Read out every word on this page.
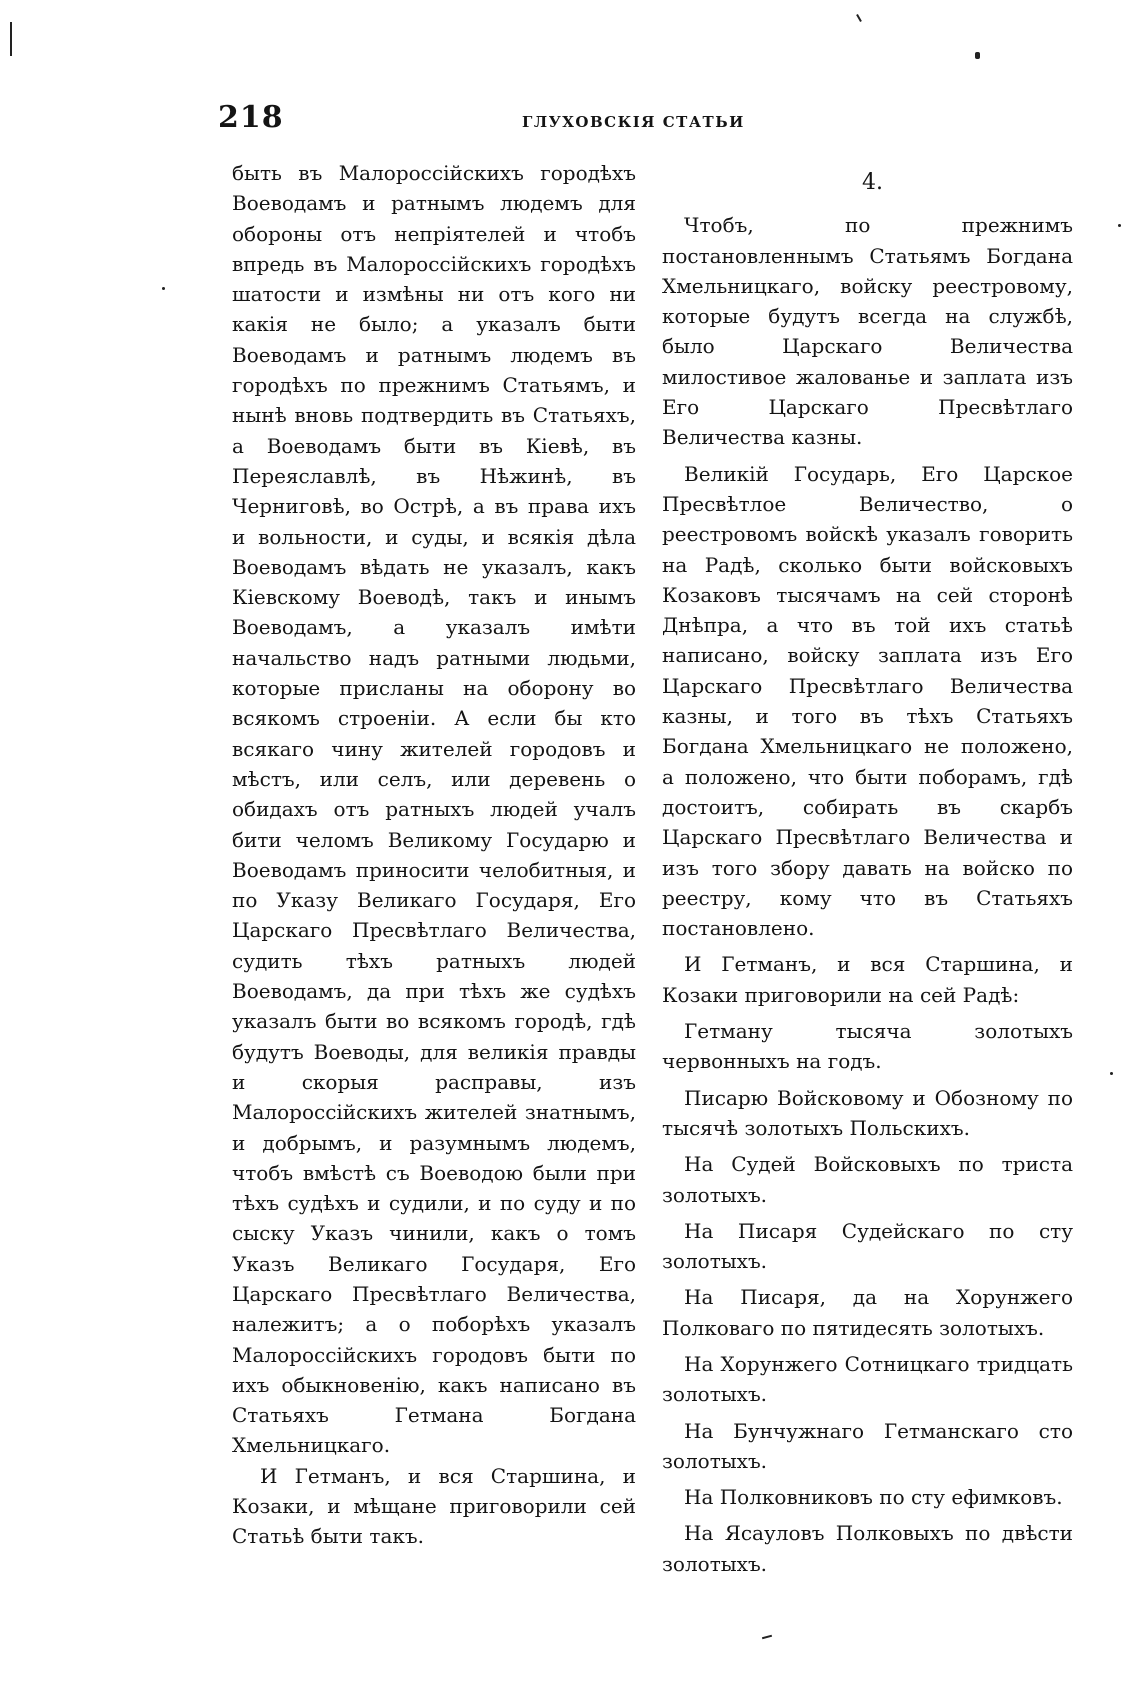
218	ГЛУХОВСКІЯ СТАТЬИ

быть въ Малороссійскихъ городѣхъ Воеводамъ и ратнымъ людемъ для обороны отъ непріятелей и чтобъ впредь въ Малороссійскихъ городѣхъ шатости и измѣны ни отъ кого ни какія не было; а указалъ быти Воеводамъ и ратнымъ людемъ въ городѣхъ по прежнимъ Статьямъ, и нынѣ вновь подтвердить въ Статьяхъ, а Воеводамъ быти въ Кіевѣ, въ Переяславлѣ, въ Нѣжинѣ, въ Черниговѣ, во Острѣ, а въ права ихъ и вольности, и суды, и всякія дѣла Воеводамъ вѣдать не указалъ, какъ Кіевскому Воеводѣ, такъ и инымъ Воеводамъ, а указалъ имѣти начальство надъ ратными людьми, которые присланы на оборону во всякомъ строеніи. А если бы кто всякаго чину жителей городовъ и мѣстъ, или селъ, или деревень о обидахъ отъ ратныхъ людей учалъ бити челомъ Великому Государю и Воеводамъ приносити челобитныя, и по Указу Великаго Государя, Его Царскаго Пресвѣтлаго Величества, судить тѣхъ ратныхъ людей Воеводамъ, да при тѣхъ же судѣхъ указалъ быти во всякомъ городѣ, гдѣ будутъ Воеводы, для великія правды и скорыя расправы, изъ Малороссійскихъ жителей знатнымъ, и добрымъ, и разумнымъ людемъ, чтобъ вмѣстѣ съ Воеводою были при тѣхъ судѣхъ и судили, и по суду и по сыску Указъ чинили, какъ о томъ Указъ Великаго Государя, Его Царскаго Пресвѣтлаго Величества, належитъ; а о поборѣхъ указалъ Малороссійскихъ городовъ быти по ихъ обыкновенію, какъ написано въ Статьяхъ Гетмана Богдана Хмельницкаго.

И Гетманъ, и вся Старшина, и Козаки, и мѣщане приговорили сей Статьѣ быти такъ.

4.

Чтобъ, по прежнимъ постановленнымъ Статьямъ Богдана Хмельницкаго, войску реестровому, которые будутъ всегда на службѣ, было Царскаго Величества милостивое жалованье и заплата изъ Его Царскаго Пресвѣтлаго Величества казны.

Великій Государь, Его Царское Пресвѣтлое Величество, о реестровомъ войскѣ указалъ говорить на Радѣ, сколько быти войсковыхъ Козаковъ тысячамъ на сей сторонѣ Днѣпра, а что въ той ихъ статьѣ написано, войску заплата изъ Его Царскаго Пресвѣтлаго Величества казны, и того въ тѣхъ Статьяхъ Богдана Хмельницкаго не положено, а положено, что быти поборамъ, гдѣ достоитъ, собирать въ скарбъ Царскаго Пресвѣтлаго Величества и изъ того збору давать на войско по реестру, кому что въ Статьяхъ постановлено.

И Гетманъ, и вся Старшина, и Козаки приговорили на сей Радѣ:

Гетману тысяча золотыхъ червонныхъ на годъ.

Писарю Войсковому и Обозному по тысячѣ золотыхъ Польскихъ.

На Судей Войсковыхъ по триста золотыхъ.

На Писаря Судейскаго по сту золотыхъ.

На Писаря, да на Хорунжего Полковаго по пятидесять золотыхъ.

На Хорунжего Сотницкаго тридцать золотыхъ.

На Бунчужнаго Гетманскаго сто золотыхъ.

На Полковниковъ по сту ефимковъ.

На Ясауловъ Полковыхъ по двѣсти золотыхъ.
